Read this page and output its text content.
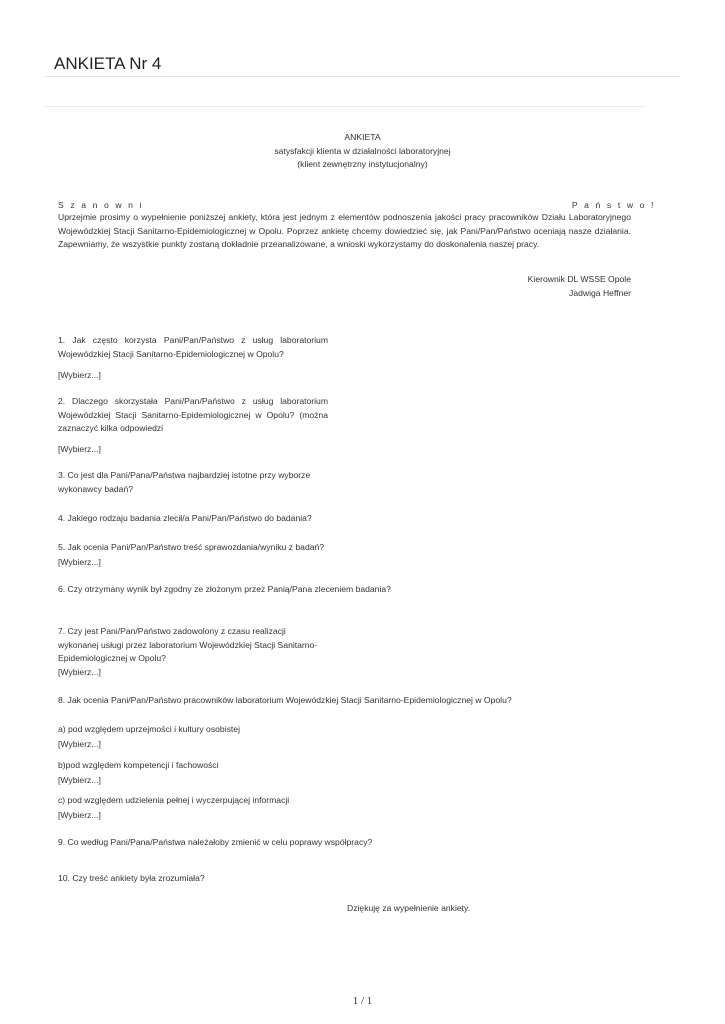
ANKIETA Nr 4
ANKIETA
satysfakcji klienta w działalności laboratoryjnej
(klient zewnętrzny instytucjonalny)
Szanowni	Państwo!
Uprzejmie prosimy o wypełnienie poniższej ankiety, która jest jednym z elementów podnoszenia jakości pracy pracowników Działu Laboratoryjnego Wojewódzkiej Stacji Sanitarno-Epidemiologicznej w Opolu. Poprzez ankietę chcemy dowiedzieć się, jak Pani/Pan/Państwo oceniają nasze działania. Zapewniamy, że wszystkie punkty zostaną dokładnie przeanalizowane, a wnioski wykorzystamy do doskonalenia naszej pracy.
Kierownik DL WSSE Opole
Jadwiga Heffner
1. Jak często korzysta Pani/Pan/Państwo z usług laboratorium Wojewódzkiej Stacji Sanitarno-Epidemiologicznej w Opolu?
[Wybierz...]
2. Dlaczego skorzystała Pani/Pan/Państwo z usług laboratorium Wojewódzkiej Stacji Sanitarno-Epidemiologicznej w Opolu? (można zaznaczyć kilka odpowiedzi
[Wybierz...]
3. Co jest dla Pani/Pana/Państwa najbardziej istotne przy wyborze wykonawcy badań?
4. Jakiego rodzaju badania zlecił/a Pani/Pan/Państwo do badania?
5. Jak ocenia Pani/Pan/Państwo treść sprawozdania/wyniku z badań?
[Wybierz...]
6. Czy otrzymany wynik był zgodny ze złożonym przez Panią/Pana zleceniem badania?
7. Czy jest Pani/Pan/Państwo zadowolony z czasu realizacji wykonanej usługi przez laboratorium Wojewódzkiej Stacji Sanitarno-Epidemiologicznej w Opolu?
[Wybierz...]
8. Jak ocenia Pani/Pan/Państwo pracowników laboratorium Wojewódzkiej Stacji Sanitarno-Epidemiologicznej w Opolu?
a) pod względem uprzejmości i kultury osobistej
[Wybierz...]
b)pod względem kompetencji i fachowości
[Wybierz...]
c) pod względem udzielenia pełnej i wyczerpującej informacji
[Wybierz...]
9. Co według Pani/Pana/Państwa należałoby zmienić w celu poprawy współpracy?
10. Czy treść ankiety była zrozumiała?
Dziękuję za wypełnienie ankiety.
1 / 1
